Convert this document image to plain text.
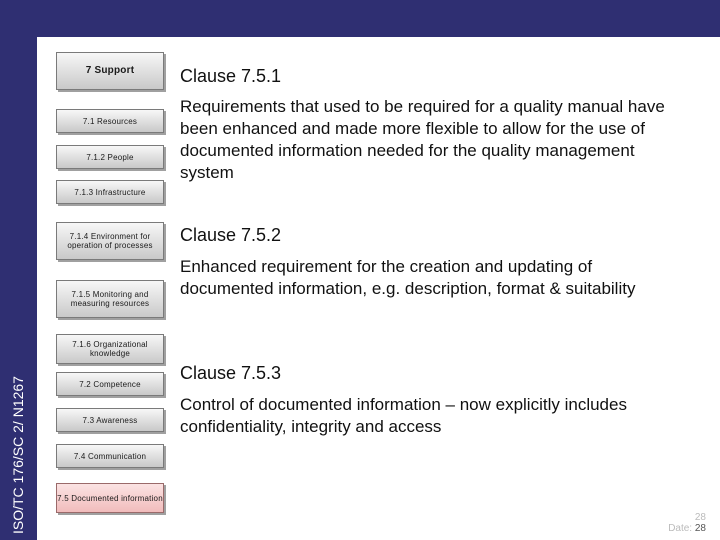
ISO/TC 176/SC 2/ N1267
7 Support
7.1 Resources
7.1.2 People
7.1.3 Infrastructure
7.1.4 Environment for operation of processes
7.1.5 Monitoring and measuring resources
7.1.6 Organizational knowledge
7.2 Competence
7.3 Awareness
7.4 Communication
7.5 Documented information
Clause 7.5.1
Requirements that used to be required for a quality manual have been enhanced and made more flexible to allow for the use of documented information needed for the quality management system
Clause 7.5.2
Enhanced requirement for the creation and updating of documented information, e.g. description, format & suitability
Clause 7.5.3
Control of documented information – now explicitly includes confidentiality, integrity and access
28
Date: 28
